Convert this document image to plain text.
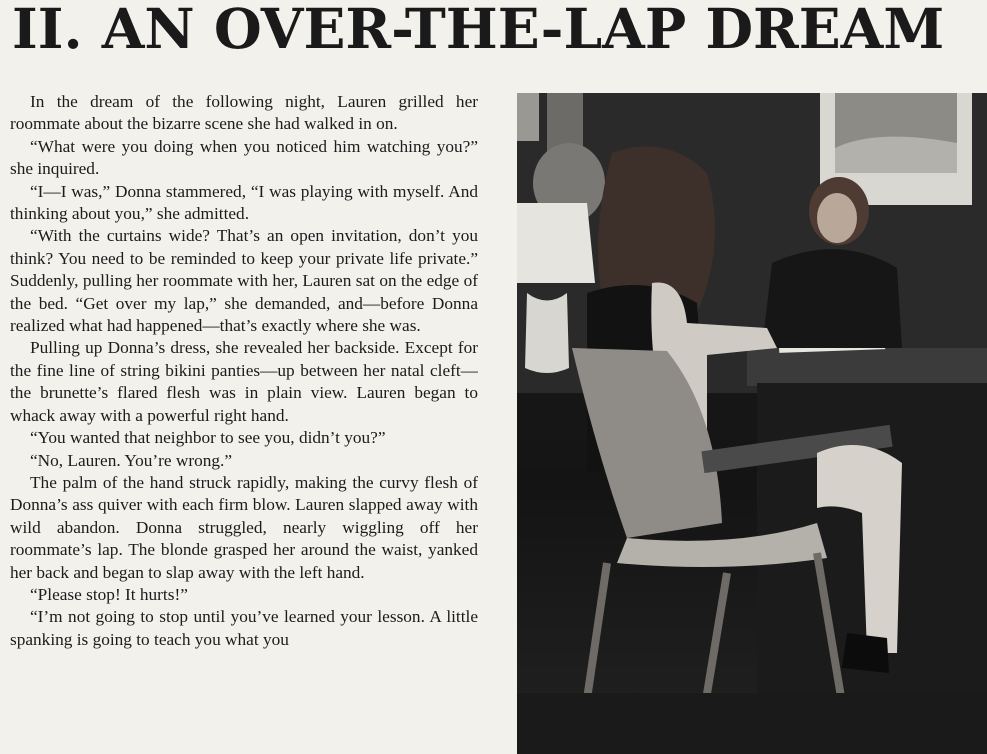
II. AN OVER-THE-LAP DREAM

In the dream of the following night, Lauren grilled her roommate about the bizarre scene she had walked in on.

“What were you doing when you noticed him watching you?” she inquired.

“I—I was,” Donna stammered, “I was playing with myself. And thinking about you,” she admitted.

“With the curtains wide? That’s an open invitation, don’t you think? You need to be reminded to keep your private life private.” Suddenly, pulling her roommate with her, Lauren sat on the edge of the bed. “Get over my lap,” she demanded, and—before Donna realized what had happened—that’s exactly where she was.

Pulling up Donna’s dress, she revealed her backside. Except for the fine line of string bikini panties—up between her natal cleft—the brunette’s flared flesh was in plain view. Lauren began to whack away with a powerful right hand.

“You wanted that neighbor to see you, didn’t you?”

“No, Lauren. You’re wrong.”

The palm of the hand struck rapidly, making the curvy flesh of Donna’s ass quiver with each firm blow. Lauren slapped away with wild abandon. Donna struggled, nearly wiggling off her roommate’s lap. The blonde grasped her around the waist, yanked her back and began to slap away with the left hand.

“Please stop! It hurts!”

“I’m not going to stop until you’ve learned your lesson. A little spanking is going to teach you what you
